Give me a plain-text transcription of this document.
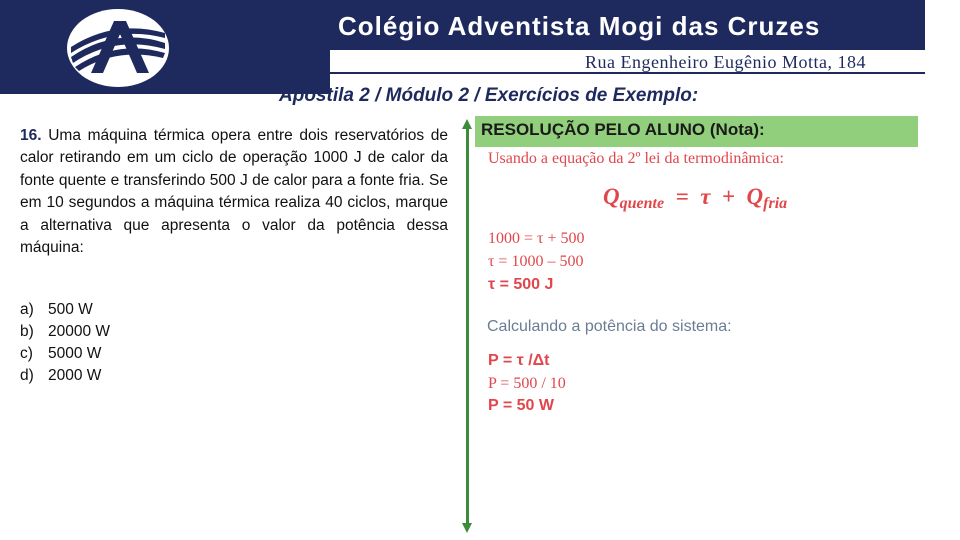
Colégio Adventista Mogi das Cruzes
Rua Engenheiro Eugênio Motta, 184
Apostila 2 / Módulo 2 / Exercícios de Exemplo:
16. Uma máquina térmica opera entre dois reservatórios de calor retirando em um ciclo de operação 1000 J de calor da fonte quente e transferindo 500 J de calor para a fonte fria. Se em 10 segundos a máquina térmica realiza 40 ciclos, marque a alternativa que apresenta o valor da potência dessa máquina:
a) 500 W
b) 20000 W
c) 5000 W
d) 2000 W
RESOLUÇÃO PELO ALUNO (Nota):
Usando a equação da 2º lei da termodinâmica:
$Q_{quente} = \tau + Q_{fria}$
1000 = τ + 500
τ = 1000 – 500
τ = 500 J
Calculando a potência do sistema:
P = τ /Δt
P = 500 / 10
P = 50 W
